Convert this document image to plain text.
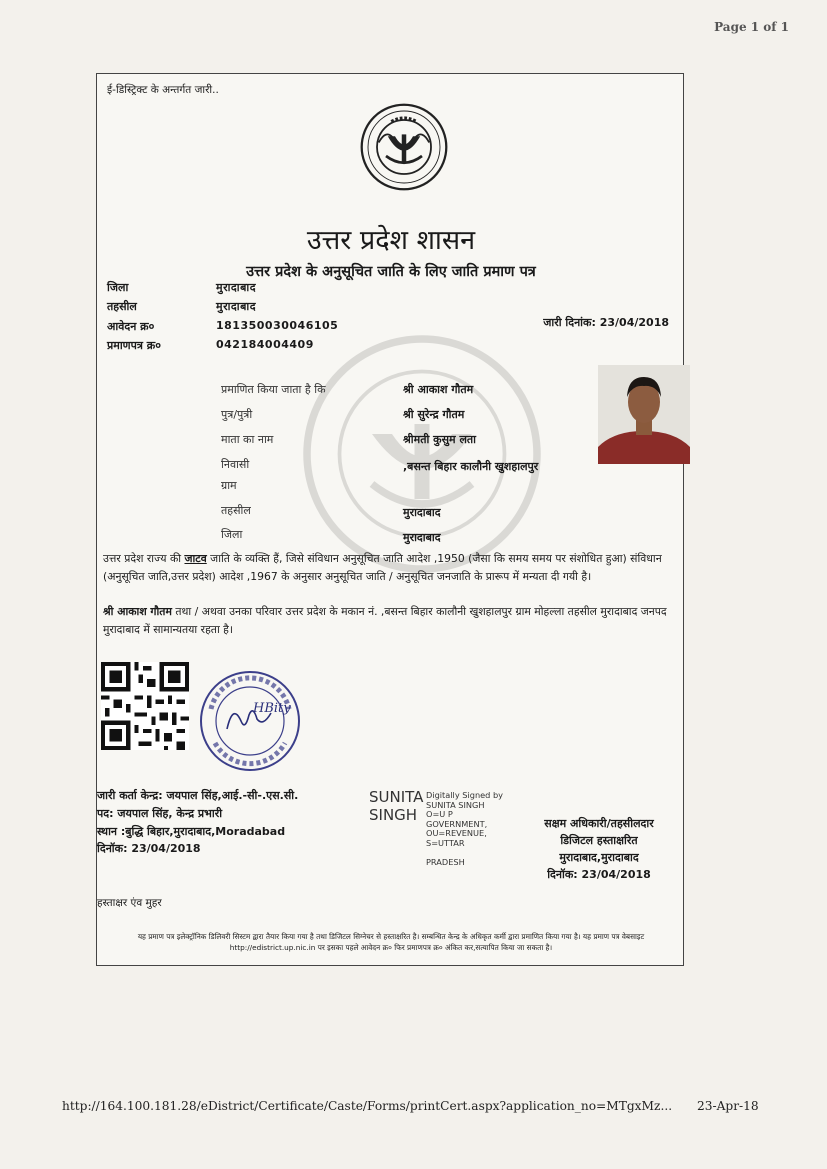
Page 1 of 1
ई-डिस्ट्रिक्ट के अन्तर्गत जारी..
उत्तर प्रदेश शासन
उत्तर प्रदेश के अनुसूचित जाति के लिए जाति प्रमाण पत्र
जिला	मुरादाबाद
तहसील	मुरादाबाद
आवेदन क्र०	181350030046105
प्रमाणपत्र क्र०	042184004409
जारी दिनांक: 23/04/2018
प्रमाणित किया जाता है कि	श्री आकाश गौतम
पुत्र/पुत्री	श्री सुरेन्द्र गौतम
माता का नाम	श्रीमती कुसुम लता
निवासी	,बसन्त बिहार कालौनी खुशहालपुर
ग्राम
तहसील	मुरादाबाद
जिला	मुरादाबाद
उत्तर प्रदेश राज्य की जाटव जाति के व्यक्ति हैं, जिसे संविधान अनुसूचित जाति आदेश ,1950 (जैसा कि समय समय पर संशोधित हुआ) संविधान (अनुसूचित जाति,उत्तर प्रदेश) आदेश ,1967 के अनुसार अनुसूचित जाति / अनुसूचित जनजाति के प्रारूप में मन्यता दी गयी है।
श्री आकाश गौतम तथा / अथवा उनका परिवार उत्तर प्रदेश के मकान नं. ,बसन्त बिहार कालौनी खुशहालपुर ग्राम मोहल्ला तहसील मुरादाबाद जनपद मुरादाबाद में सामान्यतया रहता है।
HBity
जारी कर्ता केन्द्र: जयपाल सिंह,आई.-सी-.एस.सी.
पद: जयपाल सिंह, केन्द्र प्रभारी
स्थान :बुद्धि बिहार,मुरादाबाद,Moradabad
दिनॉक: 23/04/2018
SUNITA
SINGH
Digitally Signed by
SUNITA SINGH
O=U P
GOVERNMENT,
OU=REVENUE,
S=UTTAR

PRADESH
सक्षम अधिकारी/तहसीलदार
डिजिटल हस्ताक्षरित
मुरादाबाद,मुरादाबाद
दिनॉक: 23/04/2018
हस्ताक्षर एंव मुहर
यह प्रमाण पत्र इलेक्ट्रॉनिक डिलिवरी सिस्टम द्वारा तैयार किया गया है तथा डिजिटल सिग्नेचर से हस्ताक्षरित है। सम्बन्धित केन्द्र के अधिकृत कर्मी द्वारा प्रमाणित किया गया है। यह प्रमाण पत्र वेबसाइट http://edistrict.up.nic.in पर इसका पहले आवेदन क्र० फिर प्रमाणपत्र क्र० अंकित कर,सत्यापित किया जा सकता है।
http://164.100.181.28/eDistrict/Certificate/Caste/Forms/printCert.aspx?application_no=MTgxMz... 23-Apr-18
